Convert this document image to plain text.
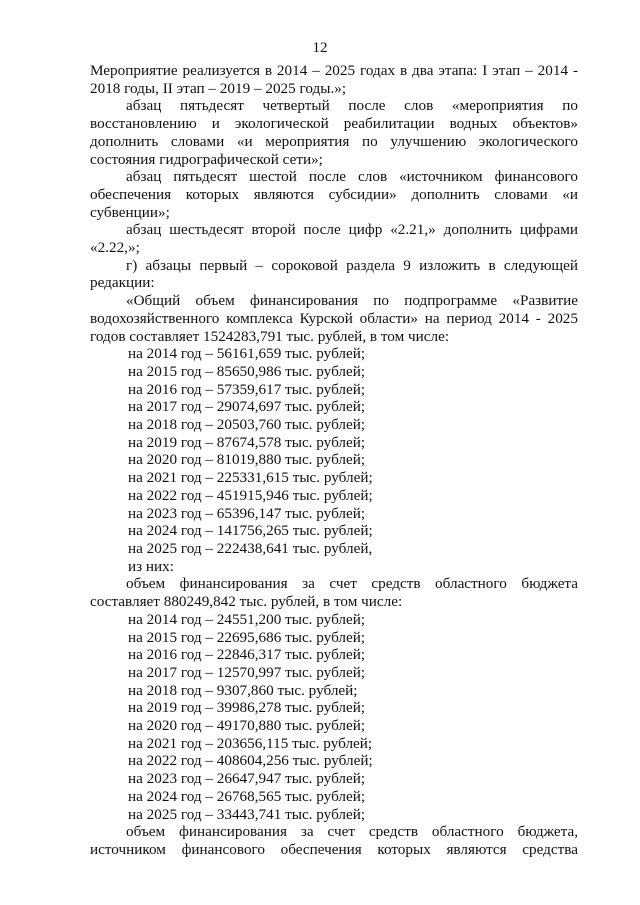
12

Мероприятие реализуется в 2014 – 2025 годах в два этапа: I этап – 2014 - 2018 годы, II этап – 2019 – 2025 годы.»;

абзац пятьдесят четвертый после слов «мероприятия по восстановлению и экологической реабилитации водных объектов» дополнить словами «и мероприятия по улучшению экологического состояния гидрографической сети»;

абзац пятьдесят шестой после слов «источником финансового обеспечения которых являются субсидии» дополнить словами «и субвенции»;

абзац шестьдесят второй после цифр «2.21,» дополнить цифрами «2.22,»;

г) абзацы первый – сороковой раздела 9 изложить в следующей редакции:

«Общий объем финансирования по подпрограмме «Развитие водохозяйственного комплекса Курской области» на период 2014 - 2025 годов составляет 1524283,791 тыс. рублей, в том числе:

на 2014 год – 56161,659 тыс. рублей;
на 2015 год – 85650,986 тыс. рублей;
на 2016 год – 57359,617 тыс. рублей;
на 2017 год – 29074,697 тыс. рублей;
на 2018 год – 20503,760 тыс. рублей;
на 2019 год – 87674,578 тыс. рублей;
на 2020 год – 81019,880 тыс. рублей;
на 2021 год – 225331,615 тыс. рублей;
на 2022 год – 451915,946 тыс. рублей;
на 2023 год – 65396,147 тыс. рублей;
на 2024 год – 141756,265 тыс. рублей;
на 2025 год – 222438,641 тыс. рублей,

из них:

объем финансирования за счет средств областного бюджета составляет 880249,842 тыс. рублей, в том числе:

на 2014 год – 24551,200 тыс. рублей;
на 2015 год – 22695,686 тыс. рублей;
на 2016 год – 22846,317 тыс. рублей;
на 2017 год – 12570,997 тыс. рублей;
на 2018 год – 9307,860 тыс. рублей;
на 2019 год – 39986,278 тыс. рублей;
на 2020 год – 49170,880 тыс. рублей;
на 2021 год – 203656,115 тыс. рублей;
на 2022 год – 408604,256 тыс. рублей;
на 2023 год – 26647,947 тыс. рублей;
на 2024 год – 26768,565 тыс. рублей;
на 2025 год – 33443,741 тыс. рублей;

объем финансирования за счет средств областного бюджета, источником финансового обеспечения которых являются средства
